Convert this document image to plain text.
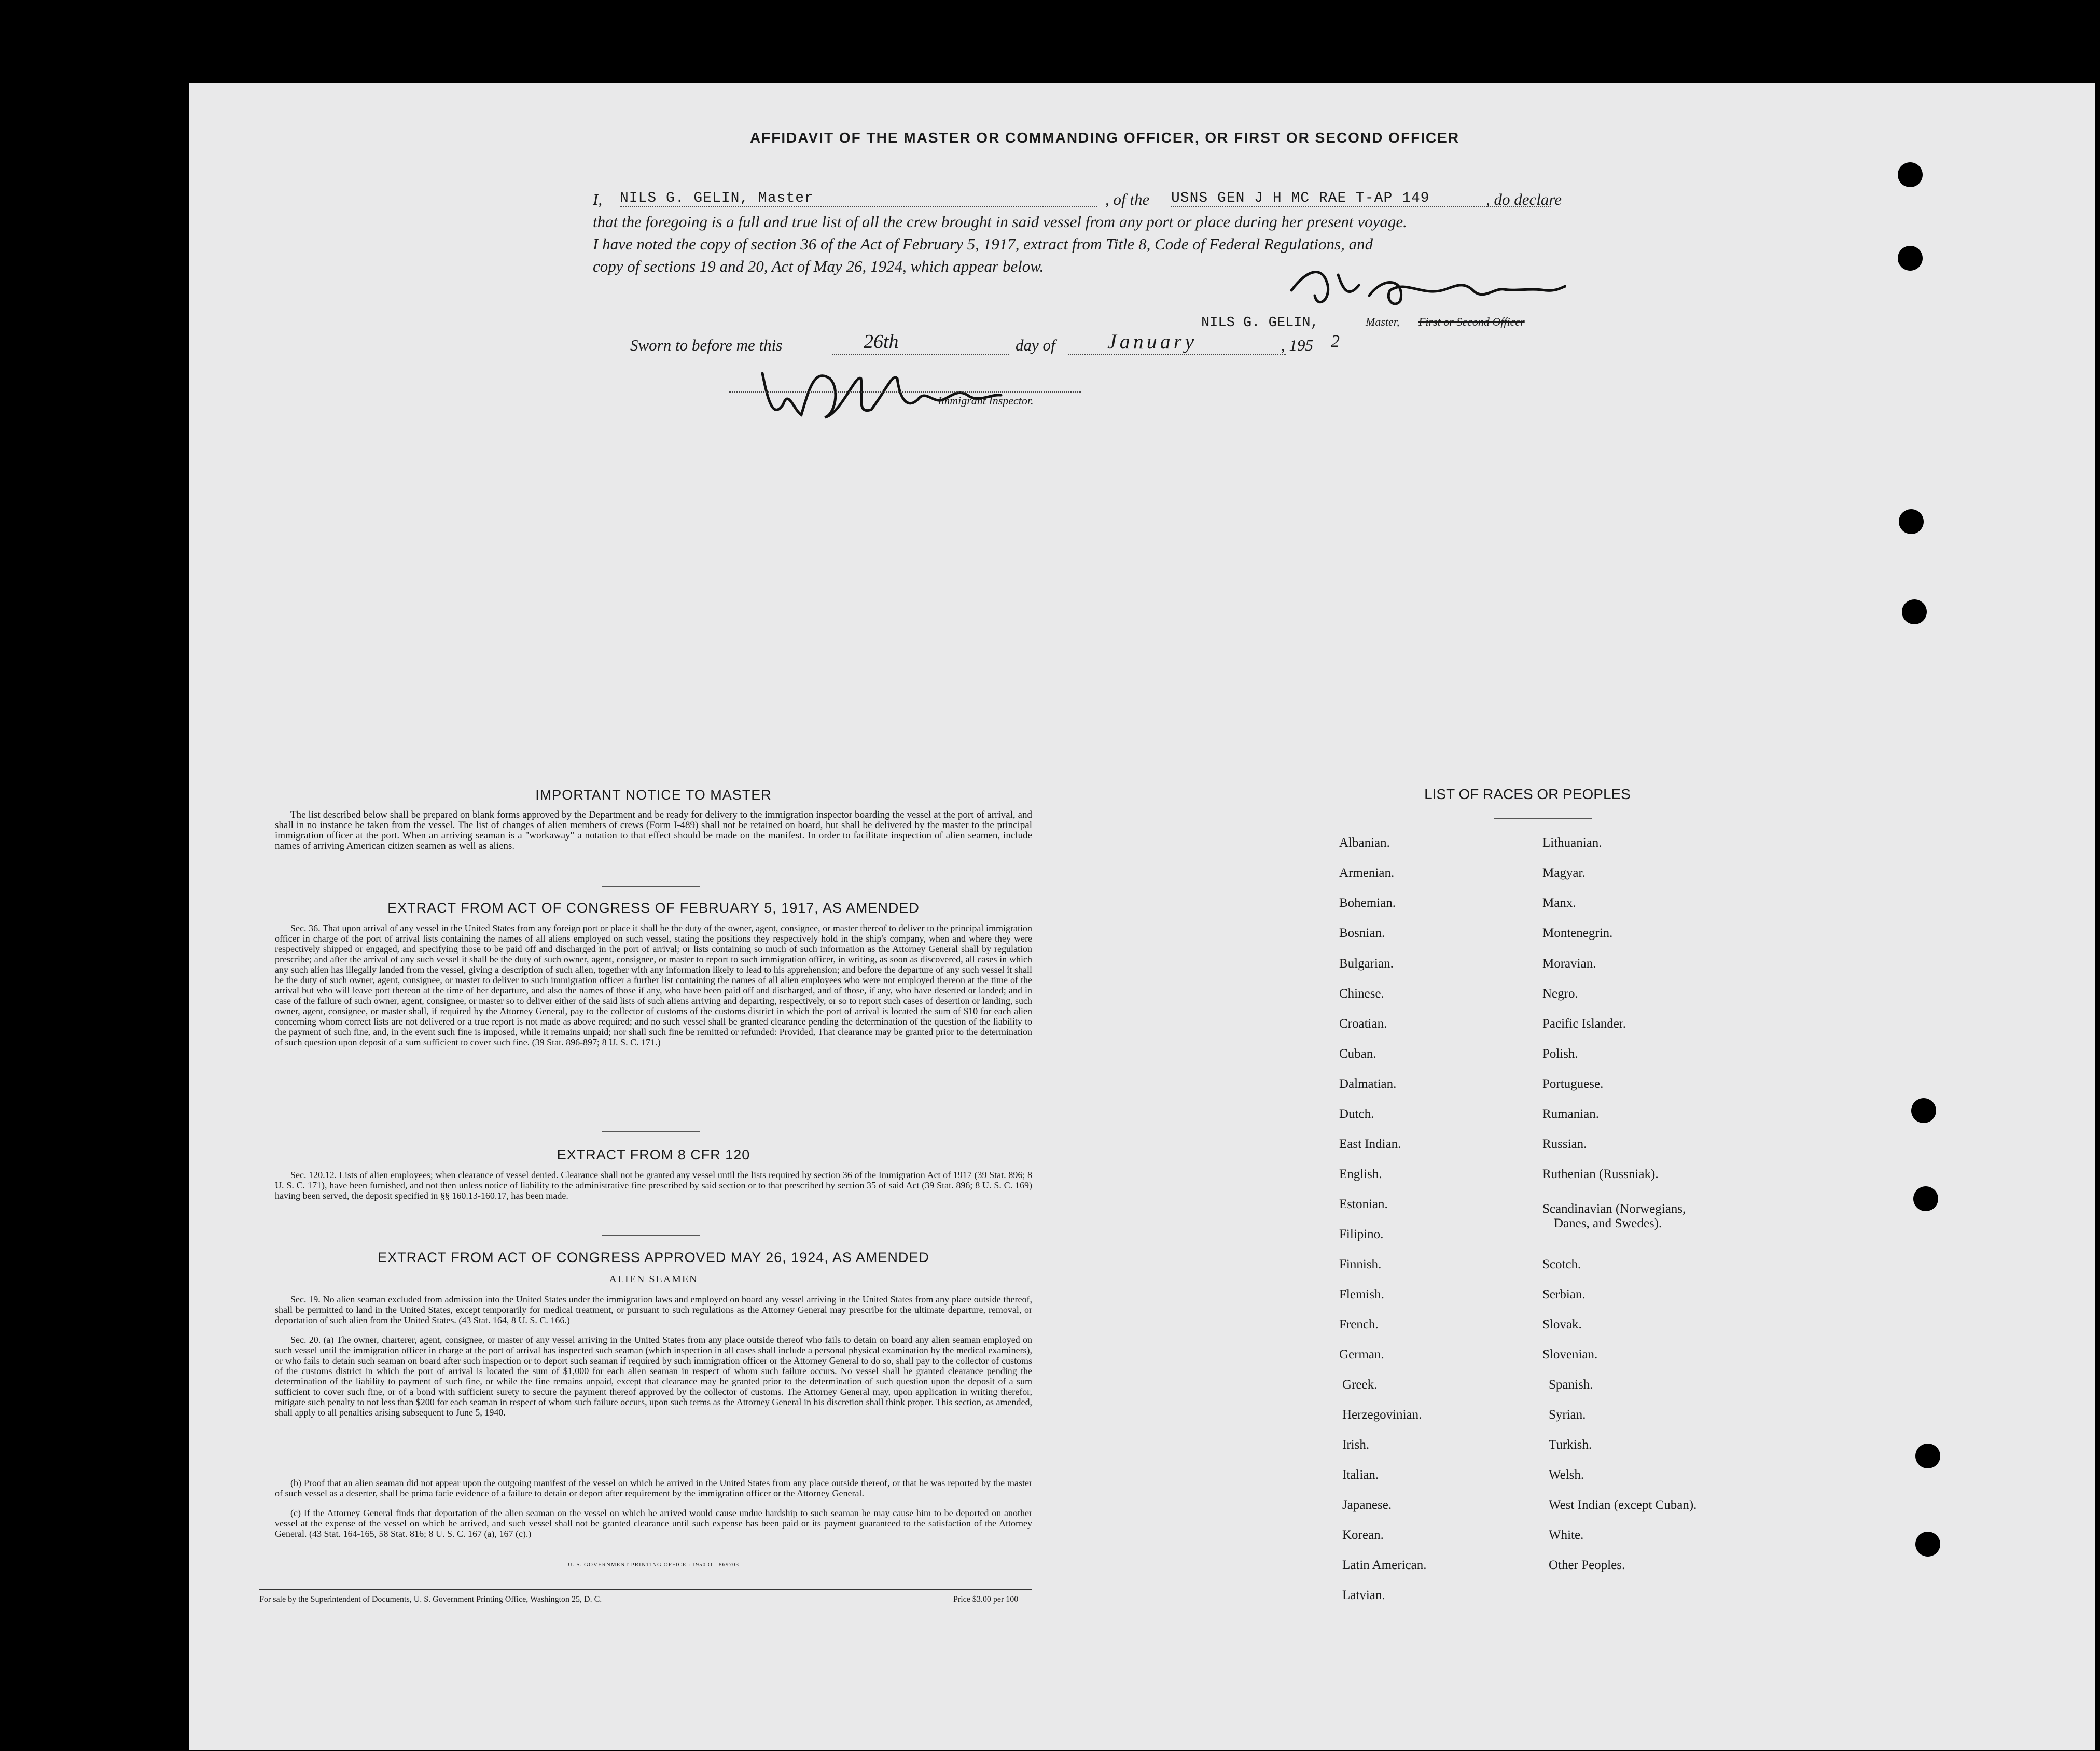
AFFIDAVIT OF THE MASTER OR COMMANDING OFFICER, OR FIRST OR SECOND OFFICER
I, NILS G. GELIN, Master	, of the USNS GEN J H MC RAE T-AP 149	, do declare
that the foregoing is a full and true list of all the crew brought in said vessel from any port or place during her present voyage.
I have noted the copy of section 36 of the Act of February 5, 1917, extract from Title 8, Code of Federal Regulations, and
copy of sections 19 and 20, Act of May 26, 1924, which appear below.
NILS G. GELIN,	Master, First or Second Officer
Sworn to before me this	26th	day of	January	, 195 2
Immigrant Inspector.
IMPORTANT NOTICE TO MASTER
The list described below shall be prepared on blank forms approved by the Department and be ready for delivery to the immigration inspector boarding the vessel at the port of arrival, and shall in no instance be taken from the vessel. The list of changes of alien members of crews (Form I-489) shall not be retained on board, but shall be delivered by the master to the principal immigration officer at the port. When an arriving seaman is a "workaway" a notation to that effect should be made on the manifest. In order to facilitate inspection of alien seamen, include names of arriving American citizen seamen as well as aliens.
EXTRACT FROM ACT OF CONGRESS OF FEBRUARY 5, 1917, AS AMENDED
Sec. 36. That upon arrival of any vessel in the United States from any foreign port or place it shall be the duty of the owner, agent, consignee, or master thereof to deliver to the principal immigration officer in charge of the port of arrival lists containing the names of all aliens employed on such vessel, stating the positions they respectively hold in the ship's company, when and where they were respectively shipped or engaged, and specifying those to be paid off and discharged in the port of arrival; or lists containing so much of such information as the Attorney General shall by regulation prescribe; and after the arrival of any such vessel it shall be the duty of such owner, agent, consignee, or master to report to such immigration officer, in writing, as soon as discovered, all cases in which any such alien has illegally landed from the vessel, giving a description of such alien, together with any information likely to lead to his apprehension; and before the departure of any such vessel it shall be the duty of such owner, agent, consignee, or master to deliver to such immigration officer a further list containing the names of all alien employees who were not employed thereon at the time of the arrival but who will leave port thereon at the time of her departure, and also the names of those if any, who have been paid off and discharged, and of those, if any, who have deserted or landed; and in case of the failure of such owner, agent, consignee, or master so to deliver either of the said lists of such aliens arriving and departing, respectively, or so to report such cases of desertion or landing, such owner, agent, consignee, or master shall, if required by the Attorney General, pay to the collector of customs of the customs district in which the port of arrival is located the sum of $10 for each alien concerning whom correct lists are not delivered or a true report is not made as above required; and no such vessel shall be granted clearance pending the determination of the question of the liability to the payment of such fine, and, in the event such fine is imposed, while it remains unpaid; nor shall such fine be remitted or refunded: Provided, That clearance may be granted prior to the determination of such question upon deposit of a sum sufficient to cover such fine. (39 Stat. 896-897; 8 U. S. C. 171.)
EXTRACT FROM 8 CFR 120
Sec. 120.12. Lists of alien employees; when clearance of vessel denied. Clearance shall not be granted any vessel until the lists required by section 36 of the Immigration Act of 1917 (39 Stat. 896; 8 U. S. C. 171), have been furnished, and not then unless notice of liability to the administrative fine prescribed by said section or to that prescribed by section 35 of said Act (39 Stat. 896; 8 U. S. C. 169) having been served, the deposit specified in §§ 160.13-160.17, has been made.
EXTRACT FROM ACT OF CONGRESS APPROVED MAY 26, 1924, AS AMENDED
ALIEN SEAMEN
Sec. 19. No alien seaman excluded from admission into the United States under the immigration laws and employed on board any vessel arriving in the United States from any place outside thereof, shall be permitted to land in the United States, except temporarily for medical treatment, or pursuant to such regulations as the Attorney General may prescribe for the ultimate departure, removal, or deportation of such alien from the United States. (43 Stat. 164, 8 U. S. C. 166.)
Sec. 20. (a) The owner, charterer, agent, consignee, or master of any vessel arriving in the United States from any place outside thereof who fails to detain on board any alien seaman employed on such vessel until the immigration officer in charge at the port of arrival has inspected such seaman (which inspection in all cases shall include a personal physical examination by the medical examiners), or who fails to detain such seaman on board after such inspection or to deport such seaman if required by such immigration officer or the Attorney General to do so, shall pay to the collector of customs of the customs district in which the port of arrival is located the sum of $1,000 for each alien seaman in respect of whom such failure occurs. No vessel shall be granted clearance pending the determination of the liability to payment of such fine, or while the fine remains unpaid, except that clearance may be granted prior to the determination of such question upon the deposit of a sum sufficient to cover such fine, or of a bond with sufficient surety to secure the payment thereof approved by the collector of customs. The Attorney General may, upon application in writing therefor, mitigate such penalty to not less than $200 for each seaman in respect of whom such failure occurs, upon such terms as the Attorney General in his discretion shall think proper. This section, as amended, shall apply to all penalties arising subsequent to June 5, 1940.
(b) Proof that an alien seaman did not appear upon the outgoing manifest of the vessel on which he arrived in the United States from any place outside thereof, or that he was reported by the master of such vessel as a deserter, shall be prima facie evidence of a failure to detain or deport after requirement by the immigration officer or the Attorney General.
(c) If the Attorney General finds that deportation of the alien seaman on the vessel on which he arrived would cause undue hardship to such seaman he may cause him to be deported on another vessel at the expense of the vessel on which he arrived, and such vessel shall not be granted clearance until such expense has been paid or its payment guaranteed to the satisfaction of the Attorney General. (43 Stat. 164-165, 58 Stat. 816; 8 U. S. C. 167 (a), 167 (c).)
U. S. GOVERNMENT PRINTING OFFICE : 1950 O - 869703
For sale by the Superintendent of Documents, U. S. Government Printing Office, Washington 25, D. C.	Price $3.00 per 100
LIST OF RACES OR PEOPLES
Albanian.
Armenian.
Bohemian.
Bosnian.
Bulgarian.
Chinese.
Croatian.
Cuban.
Dalmatian.
Dutch.
East Indian.
English.
Estonian.
Filipino.
Finnish.
Flemish.
French.
German.
Greek.
Herzegovinian.
Irish.
Italian.
Japanese.
Korean.
Latin American.
Latvian.
Lithuanian.
Magyar.
Manx.
Montenegrin.
Moravian.
Negro.
Pacific Islander.
Polish.
Portuguese.
Rumanian.
Russian.
Ruthenian (Russniak).
Scandinavian (Norwegians,
Danes, and Swedes).
Scotch.
Serbian.
Slovak.
Slovenian.
Spanish.
Syrian.
Turkish.
Welsh.
West Indian (except Cuban).
White.
Other Peoples.
